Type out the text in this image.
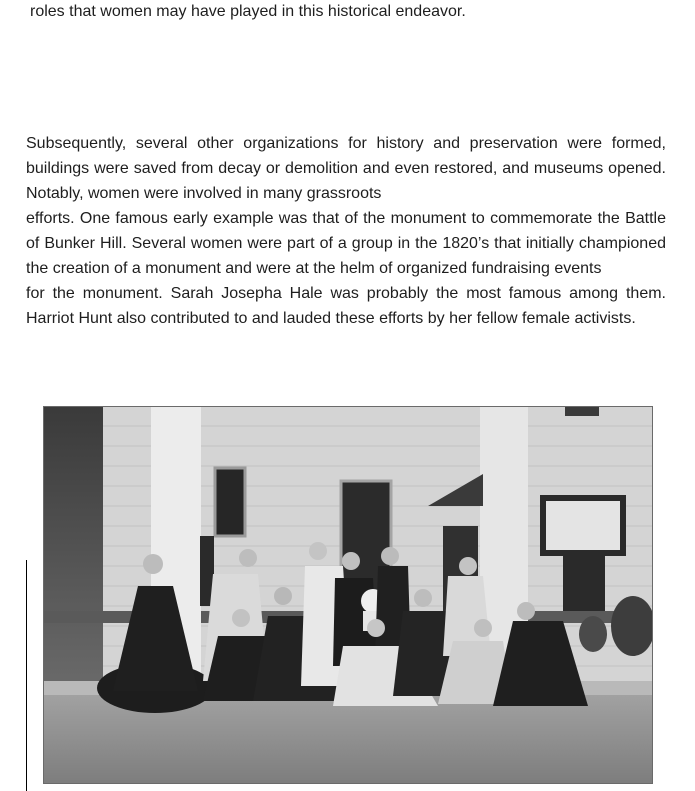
roles that women may have played in this historical endeavor.
Subsequently, several other organizations for history and preservation were formed,
buildings were saved from decay or demolition and even restored, and museums opened.
Notably, women were involved in many grassroots
efforts. One famous early example was that of the monument to commemorate the Battle
of Bunker Hill. Several women were part of a group in the 1820’s that initially championed
the creation of a monument and were at the helm of organized fundraising events
for the monument. Sarah Josepha Hale was probably the most famous among them.
Harriot Hunt also contributed to and lauded these efforts by her fellow female activists.
